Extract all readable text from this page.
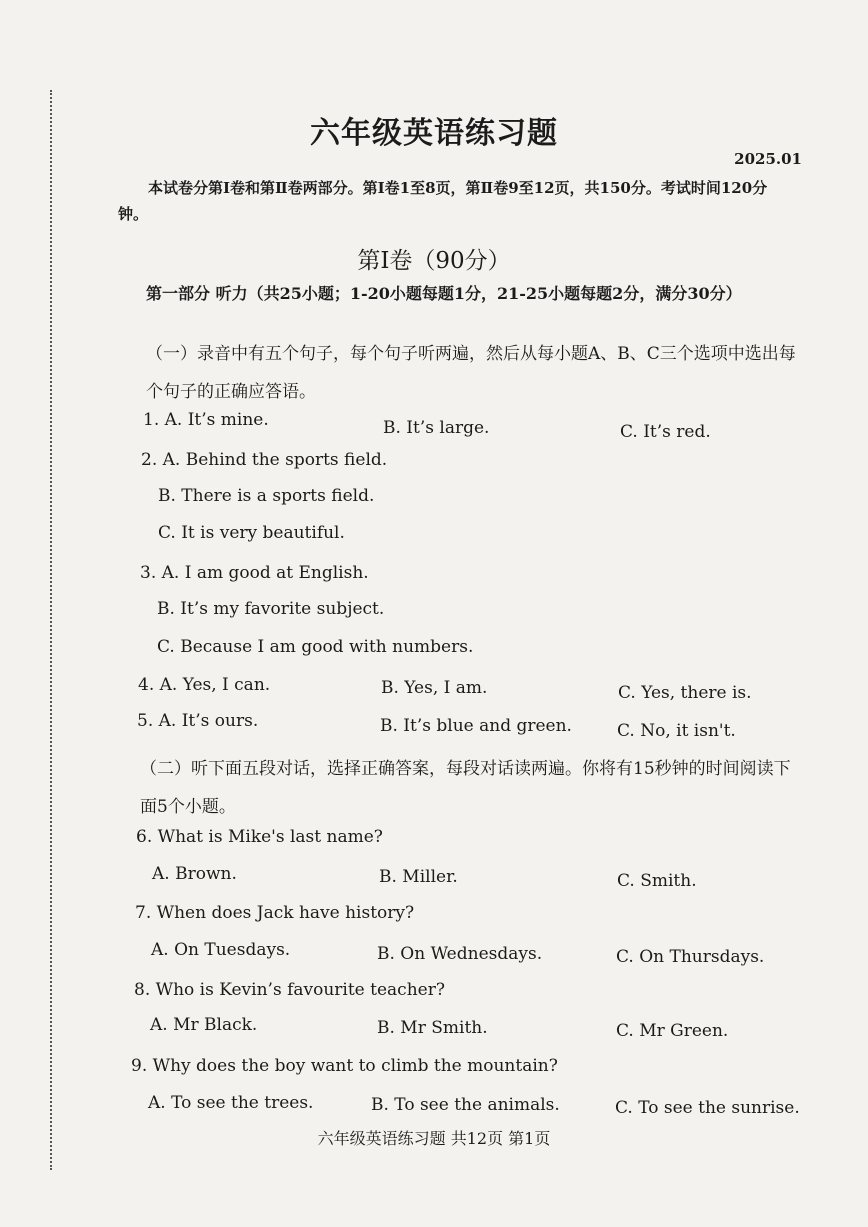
六年级英语练习题
2025.01
本试卷分第Ⅰ卷和第Ⅱ卷两部分。第Ⅰ卷1至8页，第Ⅱ卷9至12页，共150分。考试时间120分钟。
第Ⅰ卷（90分）
第一部分 听力（共25小题；1-20小题每题1分，21-25小题每题2分，满分30分）
（一）录音中有五个句子，每个句子听两遍，然后从每小题A、B、C三个选项中选出每个句子的正确应答语。
1. A. It’s mine.	B. It’s large.	C. It’s red.
2. A. Behind the sports field.
B. There is a sports field.
C. It is very beautiful.
3. A. I am good at English.
B. It’s my favorite subject.
C. Because I am good with numbers.
4. A. Yes, I can.	B. Yes, I am.	C. Yes, there is.
5. A. It’s ours.	B. It’s blue and green.	C. No, it isn't.
（二）听下面五段对话，选择正确答案，每段对话读两遍。你将有15秒钟的时间阅读下面5个小题。
6. What is Mike's last name?
A. Brown.	B. Miller.	C. Smith.
7. When does Jack have history?
A. On Tuesdays.	B. On Wednesdays.	C. On Thursdays.
8. Who is Kevin’s favourite teacher?
A. Mr Black.	B. Mr Smith.	C. Mr Green.
9. Why does the boy want to climb the mountain?
A. To see the trees.	B. To see the animals.	C. To see the sunrise.
六年级英语练习题 共12页 第1页
